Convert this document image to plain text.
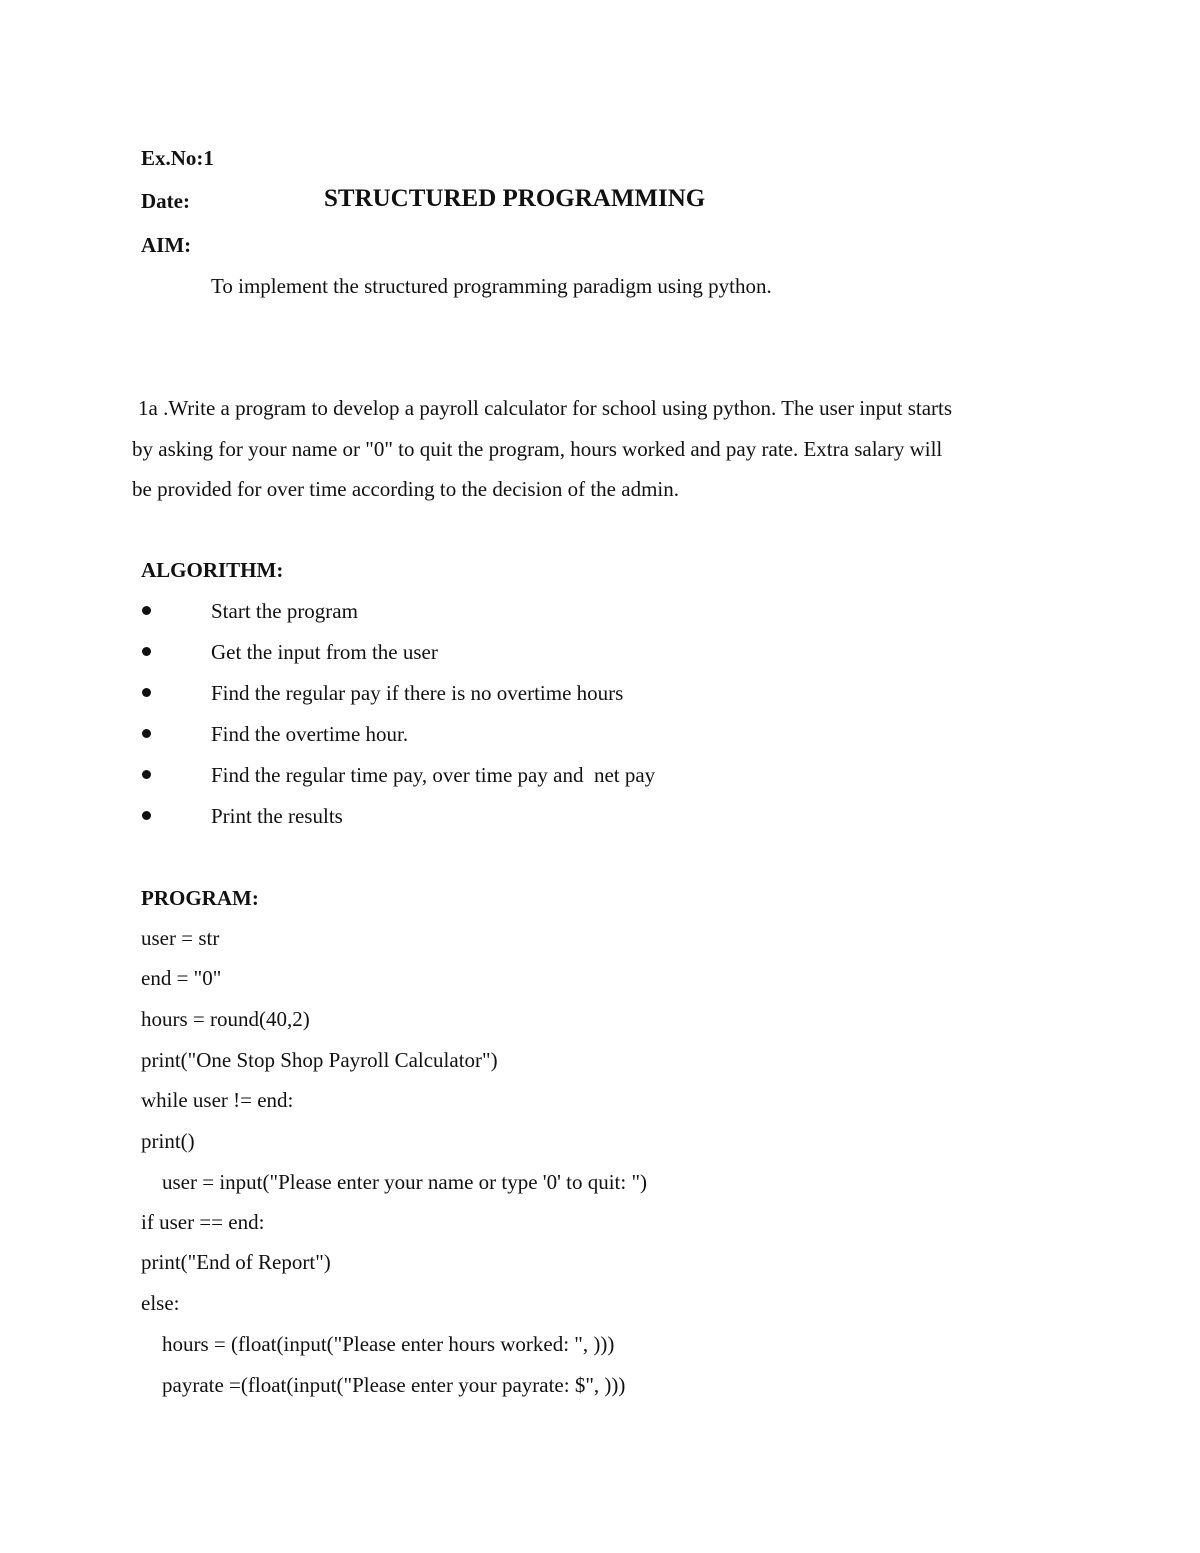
Ex.No:1
Date:	STRUCTURED PROGRAMMING
AIM:
To implement the structured programming paradigm using python.
1a .Write a program to develop a payroll calculator for school using python. The user input starts
by asking for your name or "0" to quit the program, hours worked and pay rate. Extra salary will
be provided for over time according to the decision of the admin.
ALGORITHM:
Start the program
Get the input from the user
Find the regular pay if there is no overtime hours
Find the overtime hour.
Find the regular time pay, over time pay and  net pay
Print the results
PROGRAM:
user = str
end = "0"
hours = round(40,2)
print("One Stop Shop Payroll Calculator")
while user != end:
print()
user = input("Please enter your name or type '0' to quit: ")
if user == end:
print("End of Report")
else:
hours = (float(input("Please enter hours worked: ", )))
payrate =(float(input("Please enter your payrate: $", )))
